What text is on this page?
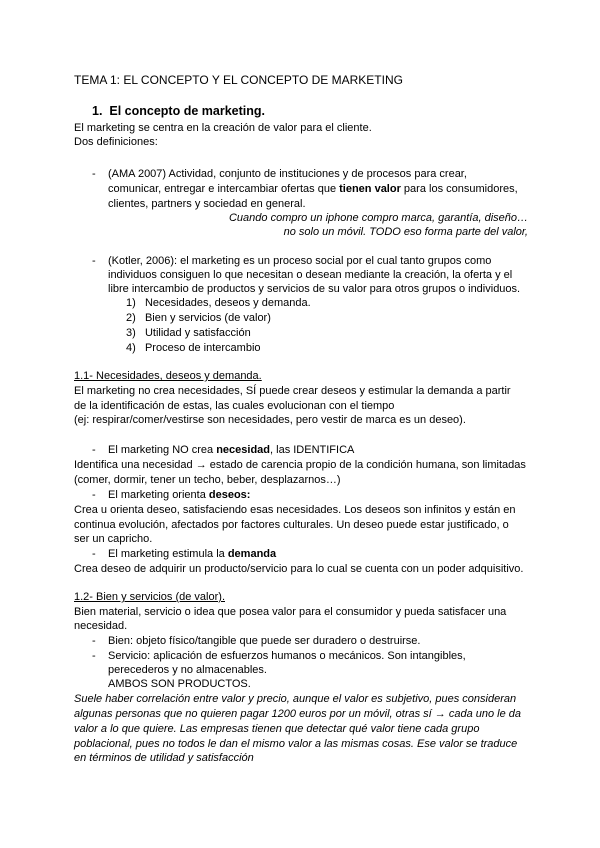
TEMA 1: EL CONCEPTO Y EL CONCEPTO DE MARKETING
1. El concepto de marketing.
El marketing se centra en la creación de valor para el cliente.
Dos definiciones:
- (AMA 2007) Actividad, conjunto de instituciones y de procesos para crear,
comunicar, entregar e intercambiar ofertas que tienen valor para los consumidores,
clientes, partners y sociedad en general.
Cuando compro un iphone compro marca, garantía, diseño…
no solo un móvil. TODO eso forma parte del valor,
- (Kotler, 2006): el marketing es un proceso social por el cual tanto grupos como
individuos consiguen lo que necesitan o desean mediante la creación, la oferta y el
libre intercambio de productos y servicios de su valor para otros grupos o individuos.
1) Necesidades, deseos y demanda.
2) Bien y servicios (de valor)
3) Utilidad y satisfacción
4) Proceso de intercambio
1.1- Necesidades, deseos y demanda.
El marketing no crea necesidades, SÍ puede crear deseos y estimular la demanda a partir
de la identificación de estas, las cuales evolucionan con el tiempo
(ej: respirar/comer/vestirse son necesidades, pero vestir de marca es un deseo).
- El marketing NO crea necesidad, las IDENTIFICA
Identifica una necesidad → estado de carencia propio de la condición humana, son limitadas
(comer, dormir, tener un techo, beber, desplazarnos…)
- El marketing orienta deseos:
Crea u orienta deseo, satisfaciendo esas necesidades. Los deseos son infinitos y están en
continua evolución, afectados por factores culturales. Un deseo puede estar justificado, o
ser un capricho.
- El marketing estimula la demanda
Crea deseo de adquirir un producto/servicio para lo cual se cuenta con un poder adquisitivo.
1.2- Bien y servicios (de valor).
Bien material, servicio o idea que posea valor para el consumidor y pueda satisfacer una
necesidad.
- Bien: objeto físico/tangible que puede ser duradero o destruirse.
- Servicio: aplicación de esfuerzos humanos o mecánicos. Son intangibles,
perecederos y no almacenables.
AMBOS SON PRODUCTOS.
Suele haber correlación entre valor y precio, aunque el valor es subjetivo, pues consideran
algunas personas que no quieren pagar 1200 euros por un móvil, otras sí → cada uno le da
valor a lo que quiere. Las empresas tienen que detectar qué valor tiene cada grupo
poblacional, pues no todos le dan el mismo valor a las mismas cosas. Ese valor se traduce
en términos de utilidad y satisfacción
